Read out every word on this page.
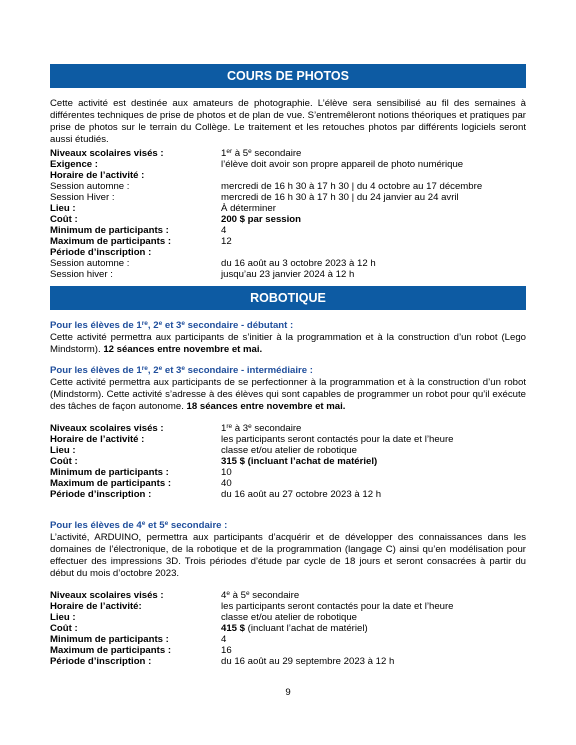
COURS DE PHOTOS
Cette activité est destinée aux amateurs de photographie. L’élève sera sensibilisé au fil des semaines à différentes techniques de prise de photos et de plan de vue. S’entremêleront notions théoriques et pratiques par prise de photos sur le terrain du Collège. Le traitement et les retouches photos par différents logiciels seront aussi étudiés.
Niveaux scolaires visés :	1er à 5e secondaire
Exigence :	l’élève doit avoir son propre appareil de photo numérique
Horaire de l’activité :
Session automne :	mercredi de 16 h 30 à 17 h 30 | du 4 octobre au 17 décembre
Session Hiver :	mercredi de 16 h 30 à 17 h 30 | du 24 janvier au 24 avril
Lieu :	À déterminer
Coût :	200 $ par session
Minimum de participants :	4
Maximum de participants :	12
Période d’inscription :
Session automne :	du 16 août au 3 octobre 2023 à 12 h
Session hiver :	jusqu’au 23 janvier 2024 à 12 h
ROBOTIQUE
Pour les élèves de 1re, 2e et 3e secondaire - débutant :
Cette activité permettra aux participants de s’initier à la programmation et à la construction d’un robot (Lego Mindstorm). 12 séances entre novembre et mai.
Pour les élèves de 1re, 2e et 3e secondaire - intermédiaire :
Cette activité permettra aux participants de se perfectionner à la programmation et à la construction d’un robot (Mindstorm). Cette activité s’adresse à des élèves qui sont capables de programmer un robot pour qu’il exécute des tâches de façon autonome. 18 séances entre novembre et mai.
Niveaux scolaires visés :	1re à 3e secondaire
Horaire de l’activité :	les participants seront contactés pour la date et l’heure
Lieu :	classe et/ou atelier de robotique
Coût :	315 $ (incluant l’achat de matériel)
Minimum de participants :	10
Maximum de participants :	40
Période d’inscription :	du 16 août au 27 octobre 2023 à 12 h
Pour les élèves de 4e et 5e secondaire :
L’activité, ARDUINO, permettra aux participants d’acquérir et de développer des connaissances dans les domaines de l’électronique, de la robotique et de la programmation (langage C) ainsi qu’en modélisation pour effectuer des impressions 3D. Trois périodes d’étude par cycle de 18 jours et seront consacrées à partir du début du mois d’octobre 2023.
Niveaux scolaires visés :	4e à 5e secondaire
Horaire de l’activité:	les participants seront contactés pour la date et l’heure
Lieu :	classe et/ou atelier de robotique
Coût :	415 $ (incluant l’achat de matériel)
Minimum de participants :	4
Maximum de participants :	16
Période d’inscription :	du 16 août au 29 septembre 2023 à 12 h
9
